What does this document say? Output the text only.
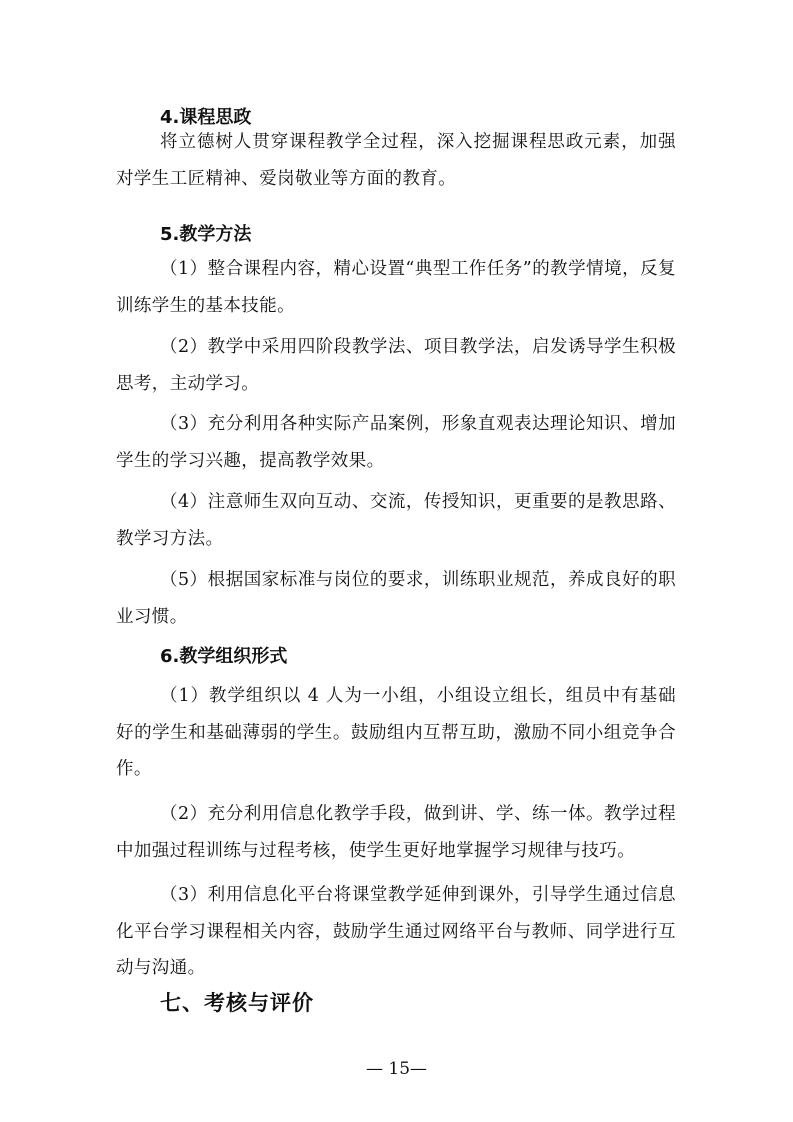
4.课程思政

将立德树人贯穿课程教学全过程，深入挖掘课程思政元素，加强对学生工匠精神、爱岗敬业等方面的教育。

5.教学方法

（1）整合课程内容，精心设置“典型工作任务”的教学情境，反复训练学生的基本技能。

（2）教学中采用四阶段教学法、项目教学法，启发诱导学生积极思考，主动学习。

（3）充分利用各种实际产品案例，形象直观表达理论知识、增加学生的学习兴趣，提高教学效果。

（4）注意师生双向互动、交流，传授知识，更重要的是教思路、教学习方法。

（5）根据国家标准与岗位的要求，训练职业规范，养成良好的职业习惯。

6.教学组织形式

（1）教学组织以 4 人为一小组，小组设立组长，组员中有基础好的学生和基础薄弱的学生。鼓励组内互帮互助，激励不同小组竞争合作。

（2）充分利用信息化教学手段，做到讲、学、练一体。教学过程中加强过程训练与过程考核，使学生更好地掌握学习规律与技巧。

（3）利用信息化平台将课堂教学延伸到课外，引导学生通过信息化平台学习课程相关内容，鼓励学生通过网络平台与教师、同学进行互动与沟通。

七、考核与评价
— 15—
